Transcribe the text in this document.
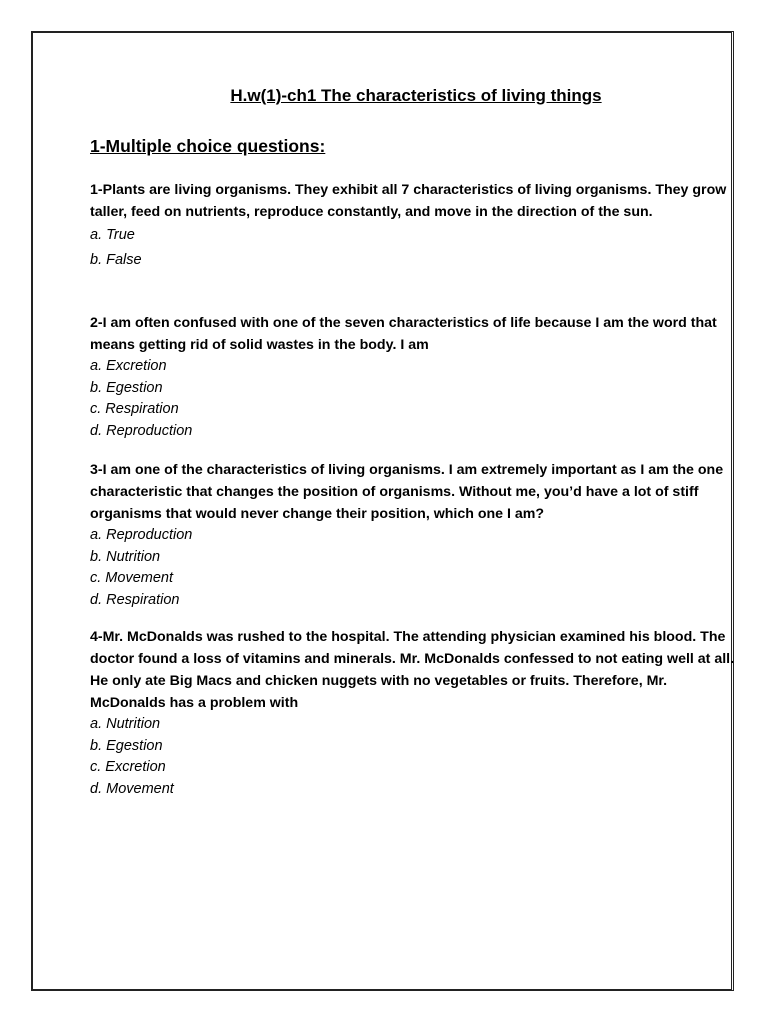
H.w(1)-ch1 The characteristics of living things
1-Multiple choice questions:

1-Plants are living organisms. They exhibit all 7 characteristics of living organisms. They grow taller, feed on nutrients, reproduce constantly, and move in the direction of the sun.

a. True
b. False

2-I am often confused with one of the seven characteristics of life because I am the word that means getting rid of solid wastes in the body. I am

a. Excretion
b. Egestion
c. Respiration
d. Reproduction

3-I am one of the characteristics of living organisms. I am extremely important as I am the one characteristic that changes the position of organisms. Without me, you’d have a lot of stiff organisms that would never change their position, which one I am?

a. Reproduction
b. Nutrition
c. Movement
d. Respiration

4-Mr. McDonalds was rushed to the hospital. The attending physician examined his blood. The doctor found a loss of vitamins and minerals. Mr. McDonalds confessed to not eating well at all. He only ate Big Macs and chicken nuggets with no vegetables or fruits. Therefore, Mr. McDonalds has a problem with

a. Nutrition
b. Egestion
c. Excretion
d. Movement
